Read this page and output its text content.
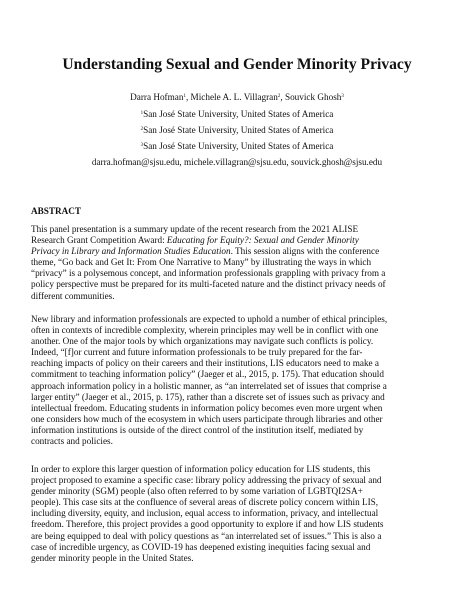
Understanding Sexual and Gender Minority Privacy
Darra Hofman$^1$, Michele A. L. Villagran$^2$, Souvick Ghosh$^3$
$^1$San José State University, United States of America
$^2$San José State University, United States of America
$^3$San José State University, United States of America
darra.hofman@sjsu.edu, michele.villagran@sjsu.edu, souvick.ghosh@sjsu.edu
ABSTRACT
This panel presentation is a summary update of the recent research from the 2021 ALISE
Research Grant Competition Award: Educating for Equity?: Sexual and Gender Minority
Privacy in Library and Information Studies Education. This session aligns with the conference
theme, “Go back and Get It: From One Narrative to Many” by illustrating the ways in which
“privacy” is a polysemous concept, and information professionals grappling with privacy from a
policy perspective must be prepared for its multi-faceted nature and the distinct privacy needs of
different communities.
New library and information professionals are expected to uphold a number of ethical principles,
often in contexts of incredible complexity, wherein principles may well be in conflict with one
another. One of the major tools by which organizations may navigate such conflicts is policy.
Indeed, “[f]or current and future information professionals to be truly prepared for the far-
reaching impacts of policy on their careers and their institutions, LIS educators need to make a
commitment to teaching information policy” (Jaeger et al., 2015, p. 175). That education should
approach information policy in a holistic manner, as “an interrelated set of issues that comprise a
larger entity” (Jaeger et al., 2015, p. 175), rather than a discrete set of issues such as privacy and
intellectual freedom. Educating students in information policy becomes even more urgent when
one considers how much of the ecosystem in which users participate through libraries and other
information institutions is outside of the direct control of the institution itself, mediated by
contracts and policies.
In order to explore this larger question of information policy education for LIS students, this
project proposed to examine a specific case: library policy addressing the privacy of sexual and
gender minority (SGM) people (also often referred to by some variation of LGBTQI2SA+
people). This case sits at the confluence of several areas of discrete policy concern within LIS,
including diversity, equity, and inclusion, equal access to information, privacy, and intellectual
freedom. Therefore, this project provides a good opportunity to explore if and how LIS students
are being equipped to deal with policy questions as “an interrelated set of issues.” This is also a
case of incredible urgency, as COVID-19 has deepened existing inequities facing sexual and
gender minority people in the United States.
